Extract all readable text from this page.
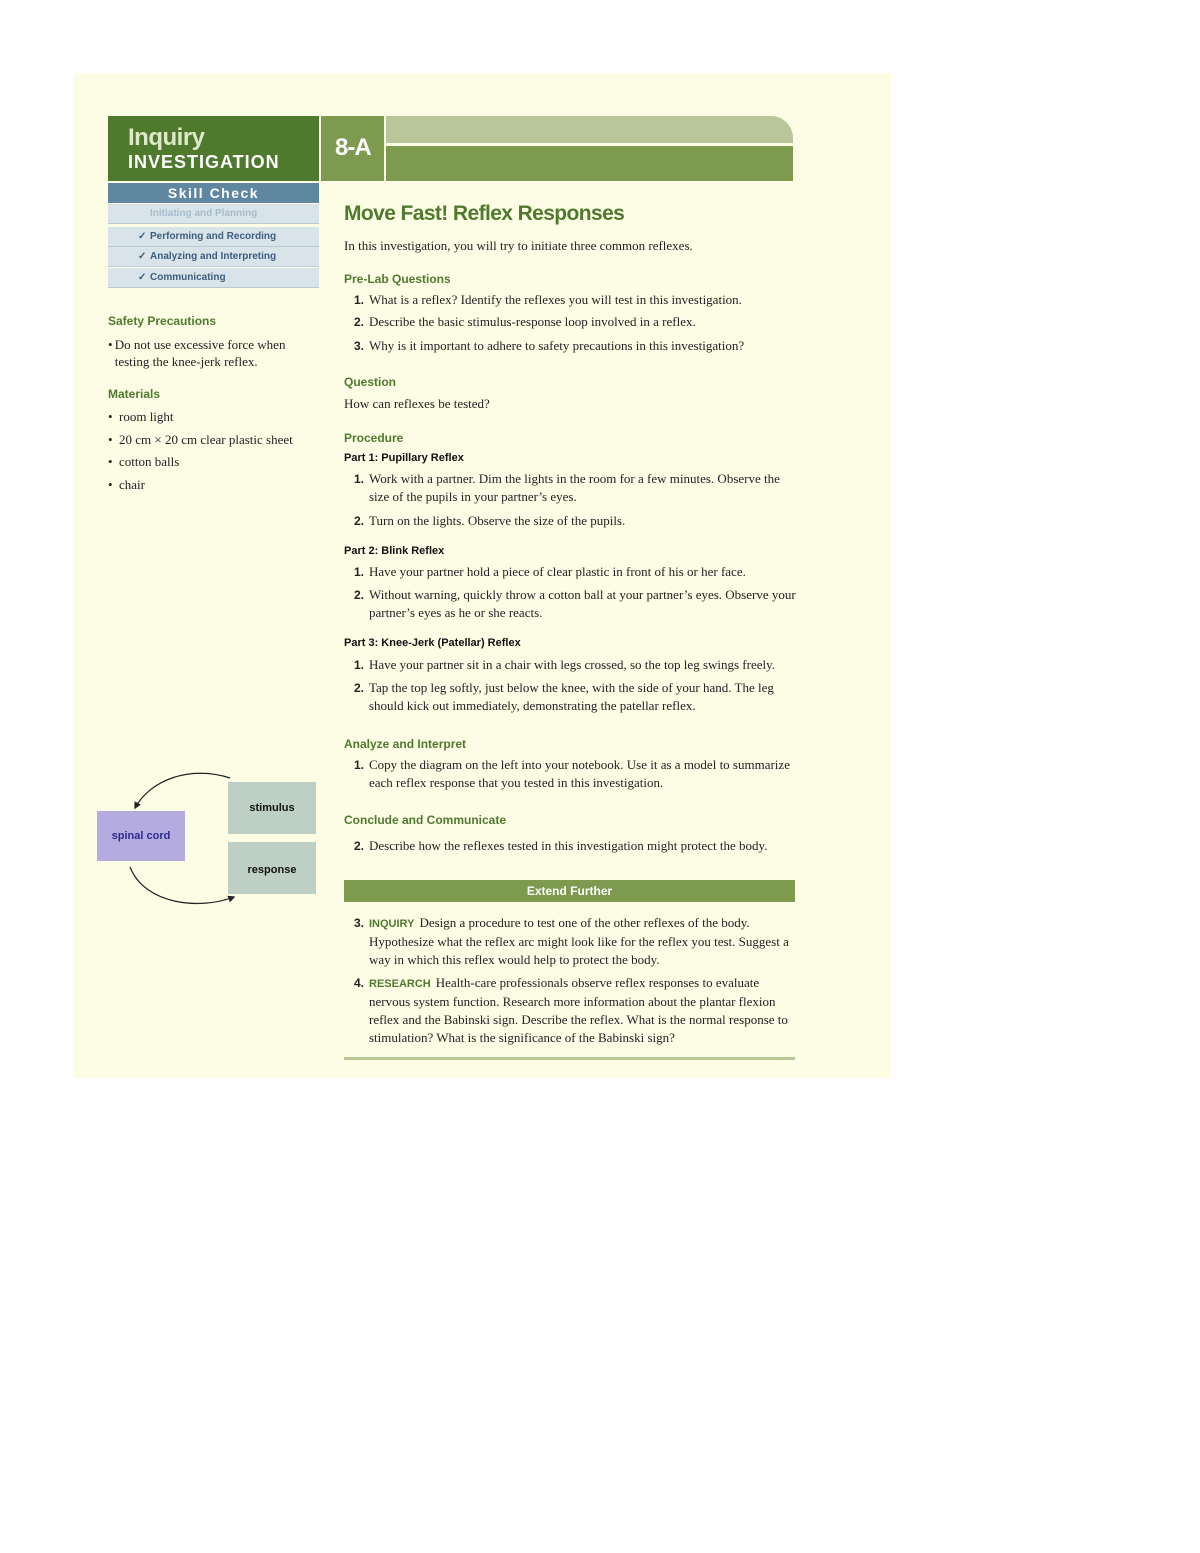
Inquiry
INVESTIGATION
8-A
Skill Check
Initiating and Planning
✓ Performing and Recording
✓ Analyzing and Interpreting
✓ Communicating
Safety Precautions
• Do not use excessive force when testing the knee-jerk reflex.
Materials
• room light
• 20 cm × 20 cm clear plastic sheet
• cotton balls
• chair
spinal cord
stimulus
response
Move Fast! Reflex Responses
In this investigation, you will try to initiate three common reflexes.
Pre-Lab Questions
1. What is a reflex? Identify the reflexes you will test in this investigation.
2. Describe the basic stimulus-response loop involved in a reflex.
3. Why is it important to adhere to safety precautions in this investigation?
Question
How can reflexes be tested?
Procedure
Part 1: Pupillary Reflex
1. Work with a partner. Dim the lights in the room for a few minutes. Observe the size of the pupils in your partner’s eyes.
2. Turn on the lights. Observe the size of the pupils.
Part 2: Blink Reflex
1. Have your partner hold a piece of clear plastic in front of his or her face.
2. Without warning, quickly throw a cotton ball at your partner’s eyes. Observe your partner’s eyes as he or she reacts.
Part 3: Knee-Jerk (Patellar) Reflex
1. Have your partner sit in a chair with legs crossed, so the top leg swings freely.
2. Tap the top leg softly, just below the knee, with the side of your hand. The leg should kick out immediately, demonstrating the patellar reflex.
Analyze and Interpret
1. Copy the diagram on the left into your notebook. Use it as a model to summarize each reflex response that you tested in this investigation.
Conclude and Communicate
2. Describe how the reflexes tested in this investigation might protect the body.
Extend Further
3. INQUIRY Design a procedure to test one of the other reflexes of the body. Hypothesize what the reflex arc might look like for the reflex you test. Suggest a way in which this reflex would help to protect the body.
4. RESEARCH Health-care professionals observe reflex responses to evaluate nervous system function. Research more information about the plantar flexion reflex and the Babinski sign. Describe the reflex. What is the normal response to stimulation? What is the significance of the Babinski sign?
